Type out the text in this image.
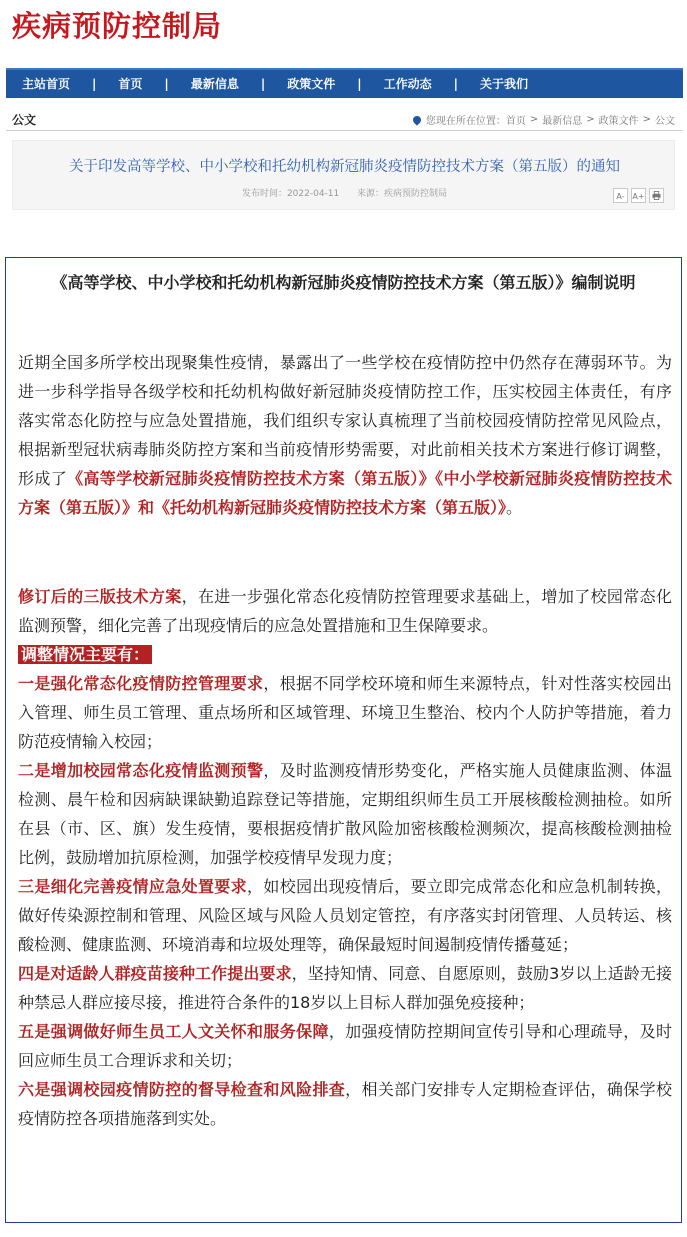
疾病预防控制局
主站首页	|	首页	|	最新信息	|	政策文件	|	工作动态	|	关于我们
公文	您现在所在位置： 首页 > 最新信息 > 政策文件 > 公文
关于印发高等学校、中小学校和托幼机构新冠肺炎疫情防控技术方案（第五版）的通知
发布时间：2022-04-11 来源：疾病预防控制局	A- A+
《高等学校、中小学校和托幼机构新冠肺炎疫情防控技术方案（第五版）》编制说明

近期全国多所学校出现聚集性疫情，暴露出了一些学校在疫情防控中仍然存在薄弱环节。为进一步科学指导各级学校和托幼机构做好新冠肺炎疫情防控工作，压实校园主体责任，有序落实常态化防控与应急处置措施，我们组织专家认真梳理了当前校园疫情防控常见风险点，根据新型冠状病毒肺炎防控方案和当前疫情形势需要，对此前相关技术方案进行修订调整，形成了《高等学校新冠肺炎疫情防控技术方案（第五版）》《中小学校新冠肺炎疫情防控技术方案（第五版）》和《托幼机构新冠肺炎疫情防控技术方案（第五版）》。

修订后的三版技术方案，在进一步强化常态化疫情防控管理要求基础上，增加了校园常态化监测预警，细化完善了出现疫情后的应急处置措施和卫生保障要求。

调整情况主要有：

一是强化常态化疫情防控管理要求，根据不同学校环境和师生来源特点，针对性落实校园出入管理、师生员工管理、重点场所和区域管理、环境卫生整治、校内个人防护等措施，着力防范疫情输入校园；

二是增加校园常态化疫情监测预警，及时监测疫情形势变化，严格实施人员健康监测、体温检测、晨午检和因病缺课缺勤追踪登记等措施，定期组织师生员工开展核酸检测抽检。如所在县（市、区、旗）发生疫情，要根据疫情扩散风险加密核酸检测频次，提高核酸检测抽检比例，鼓励增加抗原检测，加强学校疫情早发现力度；

三是细化完善疫情应急处置要求，如校园出现疫情后，要立即完成常态化和应急机制转换，做好传染源控制和管理、风险区域与风险人员划定管控，有序落实封闭管理、人员转运、核酸检测、健康监测、环境消毒和垃圾处理等，确保最短时间遏制疫情传播蔓延；

四是对适龄人群疫苗接种工作提出要求，坚持知情、同意、自愿原则，鼓励3岁以上适龄无接种禁忌人群应接尽接，推进符合条件的18岁以上目标人群加强免疫接种；

五是强调做好师生员工人文关怀和服务保障，加强疫情防控期间宣传引导和心理疏导，及时回应师生员工合理诉求和关切；

六是强调校园疫情防控的督导检查和风险排查，相关部门安排专人定期检查评估，确保学校疫情防控各项措施落到实处。
